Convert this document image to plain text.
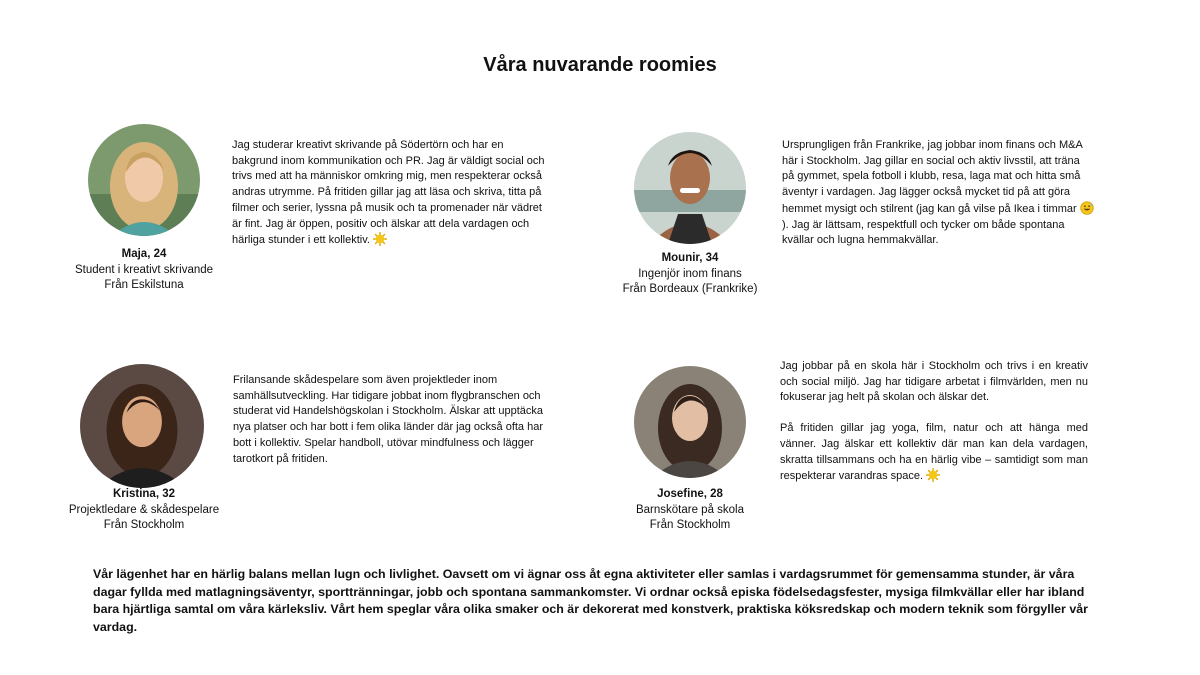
Våra nuvarande roomies
Maja, 24
Student i kreativt skrivande
Från Eskilstuna
Jag studerar kreativt skrivande på Södertörn och har en bakgrund inom kommunikation och PR. Jag är väldigt social och trivs med att ha människor omkring mig, men respekterar också andras utrymme. På fritiden gillar jag att läsa och skriva, titta på filmer och serier, lyssna på musik och ta promenader när vädret är fint. Jag är öppen, positiv och älskar att dela vardagen och härliga stunder i ett kollektiv.
Mounir, 34
Ingenjör inom finans
Från Bordeaux (Frankrike)
Ursprungligen från Frankrike, jag jobbar inom finans och M&A här i Stockholm. Jag gillar en social och aktiv livsstil, att träna på gymmet, spela fotboll i klubb, resa, laga mat och hitta små äventyr i vardagen. Jag lägger också mycket tid på att göra hemmet mysigt och stilrent (jag kan gå vilse på Ikea i timmar
). Jag är lättsam, respektfull och tycker om både spontana kvällar och lugna hemmakvällar.
Kristina, 32
Projektledare & skådespelare
Från Stockholm
Frilansande skådespelare som även projektleder inom samhällsutveckling. Har tidigare jobbat inom flygbranschen och studerat vid Handelshögskolan i Stockholm. Älskar att upptäcka nya platser och har bott i fem olika länder där jag också ofta har bott i kollektiv. Spelar handboll, utövar mindfulness och lägger tarotkort på fritiden.
Josefine, 28
Barnskötare på skola
Från Stockholm

Jag jobbar på en skola här i Stockholm och trivs i en kreativ och social miljö. Jag har tidigare arbetat i filmvärlden, men nu fokuserar jag helt på skolan och älskar det.

På fritiden gillar jag yoga, film, natur och att hänga med vänner. Jag älskar ett kollektiv där man kan dela vardagen, skratta tillsammans och ha en härlig vibe – samtidigt som man respekterar varandras space.

Vår lägenhet har en härlig balans mellan lugn och livlighet. Oavsett om vi ägnar oss åt egna aktiviteter eller samlas i vardagsrummet för gemensamma stunder, är våra dagar fyllda med matlagningsäventyr, sporttränningar, jobb och spontana sammankomster. Vi ordnar också episka födelsedagsfester, mysiga filmkvällar eller har ibland bara hjärtliga samtal om våra kärleksliv. Vårt hem speglar våra olika smaker och är dekorerat med konstverk, praktiska köksredskap och modern teknik som förgyller vår vardag.
